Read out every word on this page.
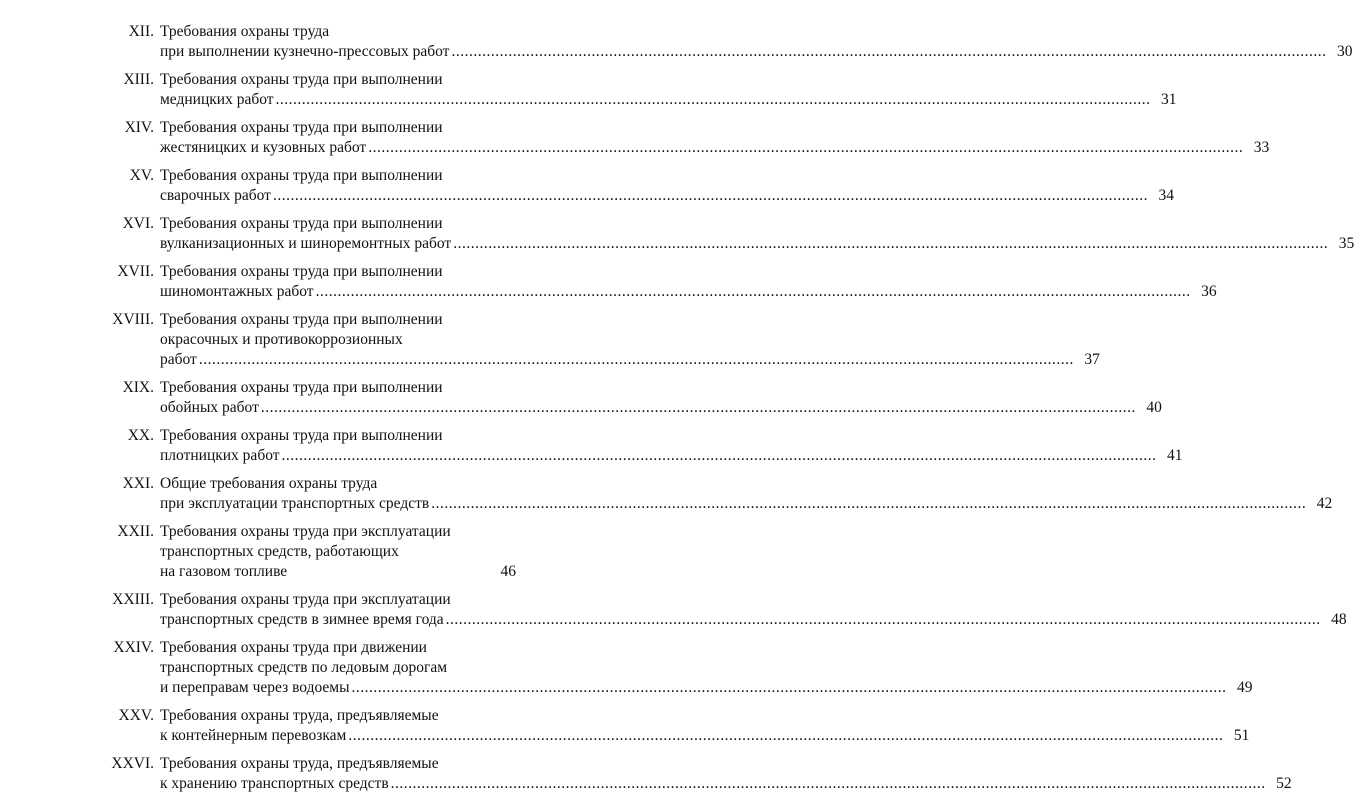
XII. Требования охраны труда
при выполнении кузнечно-прессовых работ ........................................................................................................................................................................................................ 30
XIII. Требования охраны труда при выполнении
медницких работ ........................................................................................................................................................................................................ 31
XIV. Требования охраны труда при выполнении
жестяницких и кузовных работ ........................................................................................................................................................................................................ 33
XV. Требования охраны труда при выполнении
сварочных работ ........................................................................................................................................................................................................ 34
XVI. Требования охраны труда при выполнении
вулканизационных и шиноремонтных работ ........................................................................................................................................................................................................ 35
XVII. Требования охраны труда при выполнении
шиномонтажных работ ........................................................................................................................................................................................................ 36
XVIII. Требования охраны труда при выполнении
окрасочных и противокоррозионных
работ ........................................................................................................................................................................................................ 37
XIX. Требования охраны труда при выполнении
обойных работ ........................................................................................................................................................................................................ 40
XX. Требования охраны труда при выполнении
плотницких работ ........................................................................................................................................................................................................ 41
XXI. Общие требования охраны труда
при эксплуатации транспортных средств ........................................................................................................................................................................................................ 42
XXII. Требования охраны труда при эксплуатации
транспортных средств, работающих
на газовом топливе	46
XXIII. Требования охраны труда при эксплуатации
транспортных средств в зимнее время года ........................................................................................................................................................................................................ 48
XXIV. Требования охраны труда при движении
транспортных средств по ледовым дорогам
и переправам через водоемы ........................................................................................................................................................................................................ 49
XXV. Требования охраны труда, предъявляемые
к контейнерным перевозкам ........................................................................................................................................................................................................ 51
XXVI. Требования охраны труда, предъявляемые
к хранению транспортных средств ........................................................................................................................................................................................................ 52
